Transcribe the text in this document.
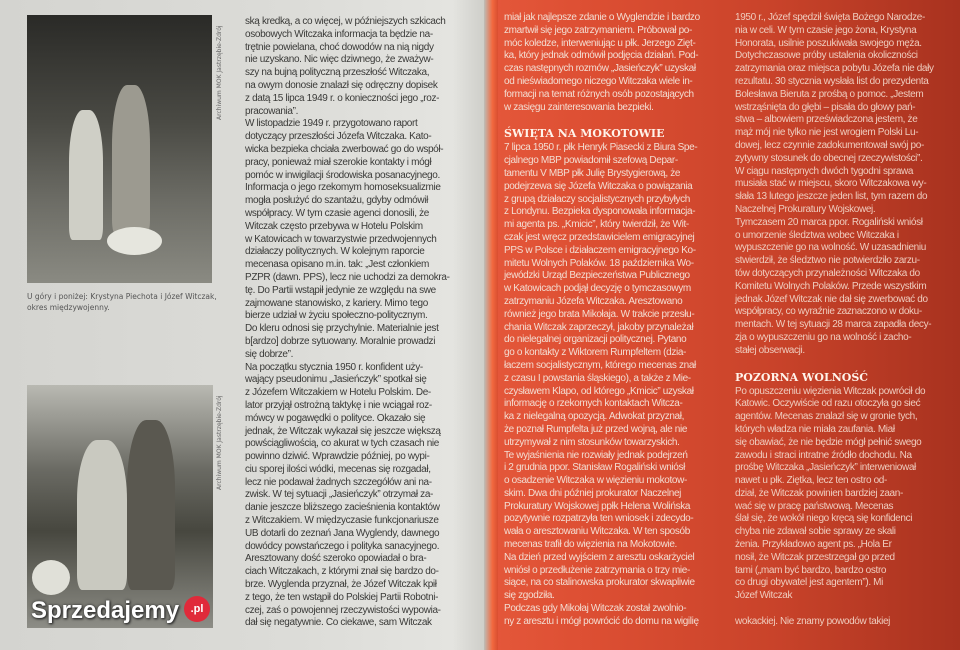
Archiwum MOK Jastrzębie-Zdrój
U góry i poniżej: Krystyna Piechota i Józef Witczak, okres międzywojenny.
Archiwum MOK Jastrzębie-Zdrój
ską kredką, a co więcej, w późniejszych szkicach
osobowych Witczaka informacja ta będzie na-
trętnie powielana, choć dowodów na nią nigdy
nie uzyskano. Nic więc dziwnego, że zważyw-
szy na bujną polityczną przeszłość Witczaka,
na owym donosie znalazł się odręczny dopisek
z datą 15 lipca 1949 r. o konieczności jego „roz-
pracowania”.
W listopadzie 1949 r. przygotowano raport
dotyczący przeszłości Józefa Witczaka. Kato-
wicka bezpieka chciała zwerbować go do współ-
pracy, ponieważ miał szerokie kontakty i mógł
pomóc w inwigilacji środowiska posanacyjnego.
Informacja o jego rzekomym homoseksualizmie
mogła posłużyć do szantażu, gdyby odmówił
współpracy. W tym czasie agenci donosili, że
Witczak często przebywa w Hotelu Polskim
w Katowicach w towarzystwie przedwojennych
działaczy politycznych. W kolejnym raporcie
mecenasa opisano m.in. tak: „Jest członkiem
PZPR (dawn. PPS), lecz nie uchodzi za demokra-
tę. Do Partii wstąpił jedynie ze względu na swe
zajmowane stanowisko, z kariery. Mimo tego
bierze udział w życiu społeczno-politycznym.
Do kleru odnosi się przychylnie. Materialnie jest
b[ardzo] dobrze sytuowany. Moralnie prowadzi
się dobrze”.
Na początku stycznia 1950 r. konfident uży-
wający pseudonimu „Jasieńczyk” spotkał się
z Józefem Witczakiem w Hotelu Polskim. De-
lator przyjął ostrożną taktykę i nie wciągał roz-
mówcy w pogawędki o polityce. Okazało się
jednak, że Witczak wykazał się jeszcze większą
powściągliwością, co akurat w tych czasach nie
powinno dziwić. Wprawdzie później, po wypi-
ciu sporej ilości wódki, mecenas się rozgadał,
lecz nie podawał żadnych szczegółów ani na-
zwisk. W tej sytuacji „Jasieńczyk” otrzymał za-
danie jeszcze bliższego zacieśnienia kontaktów
z Witczakiem. W międzyczasie funkcjonariusze
UB dotarli do zeznań Jana Wyglendy, dawnego
dowódcy powstańczego i polityka sanacyjnego.
Aresztowany dość szeroko opowiadał o bra-
ciach Witczakach, z którymi znał się bardzo do-
brze. Wyglenda przyznał, że Józef Witczak kpił
z tego, że ten wstąpił do Polskiej Partii Robotni-
czej, zaś o powojennej rzeczywistości wypowia-
dał się negatywnie. Co ciekawe, sam Witczak
miał jak najlepsze zdanie o Wyglendzie i bardzo
zmartwił się jego zatrzymaniem. Próbował po-
móc koledze, interweniując u płk. Jerzego Zięt-
ka, który jednak odmówił podjęcia działań. Pod-
czas następnych rozmów „Jasieńczyk” uzyskał
od nieświadomego niczego Witczaka wiele in-
formacji na temat różnych osób pozostających
w zasięgu zainteresowania bezpieki.
ŚWIĘTA NA MOKOTOWIE
7 lipca 1950 r. płk Henryk Piasecki z Biura Spe-
cjalnego MBP powiadomił szefową Depar-
tamentu V MBP płk Julię Brystygierową, że
podejrzewa się Józefa Witczaka o powiązania
z grupą działaczy socjalistycznych przybyłych
z Londynu. Bezpieka dysponowała informacja-
mi agenta ps. „Kmicic”, który twierdził, że Wit-
czak jest wręcz przedstawicielem emigracyjnej
PPS w Polsce i działaczem emigracyjnego Ko-
mitetu Wolnych Polaków. 18 października Wo-
jewódzki Urząd Bezpieczeństwa Publicznego
w Katowicach podjął decyzję o tymczasowym
zatrzymaniu Józefa Witczaka. Aresztowano
również jego brata Mikołaja. W trakcie przesłu-
chania Witczak zaprzeczył, jakoby przynależał
do nielegalnej organizacji politycznej. Pytano
go o kontakty z Wiktorem Rumpfeltem (dzia-
łaczem socjalistycznym, którego mecenas znał
z czasu I powstania śląskiego), a także z Mie-
czysławem Klapo, od którego „Kmicic” uzyskał
informację o rzekomych kontaktach Witcza-
ka z nielegalną opozycją. Adwokat przyznał,
że poznał Rumpfelta już przed wojną, ale nie
utrzymywał z nim stosunków towarzyskich.
Te wyjaśnienia nie rozwiały jednak podejrzeń
i 2 grudnia ppor. Stanisław Rogaliński wniósł
o osadzenie Witczaka w więzieniu mokotow-
skim. Dwa dni później prokurator Naczelnej
Prokuratury Wojskowej ppłk Helena Wolińska
pozytywnie rozpatrzyła ten wniosek i zdecydo-
wała o aresztowaniu Witczaka. W ten sposób
mecenas trafił do więzienia na Mokotowie.
Na dzień przed wyjściem z aresztu oskarżyciel
wniósł o przedłużenie zatrzymania o trzy mie-
siące, na co stalinowska prokurator skwapliwie
się zgodziła.
Podczas gdy Mikołaj Witczak został zwolnio-
ny z aresztu i mógł powrócić do domu na wigilię
1950 r., Józef spędził święta Bożego Narodze-
nia w celi. W tym czasie jego żona, Krystyna
Honorata, usilnie poszukiwała swojego męża.
Dotychczasowe próby ustalenia okoliczności
zatrzymania oraz miejsca pobytu Józefa nie dały
rezultatu. 30 stycznia wysłała list do prezydenta
Bolesława Bieruta z prośbą o pomoc. „Jestem
wstrząśnięta do głębi – pisała do głowy pań-
stwa – albowiem przeświadczona jestem, że
mąż mój nie tylko nie jest wrogiem Polski Lu-
dowej, lecz czynnie zadokumentował swój po-
zytywny stosunek do obecnej rzeczywistości”.
W ciągu następnych dwóch tygodni sprawa
musiała stać w miejscu, skoro Witczakowa wy-
słała 13 lutego jeszcze jeden list, tym razem do
Naczelnej Prokuratury Wojskowej.
Tymczasem 20 marca ppor. Rogaliński wniósł
o umorzenie śledztwa wobec Witczaka i
wypuszczenie go na wolność. W uzasadnieniu
stwierdził, że śledztwo nie potwierdziło zarzu-
tów dotyczących przynależności Witczaka do
Komitetu Wolnych Polaków. Przede wszystkim
jednak Józef Witczak nie dał się zwerbować do
współpracy, co wyraźnie zaznaczono w doku-
mentach. W tej sytuacji 28 marca zapadła decy-
zja o wypuszczeniu go na wolność i zacho-
stałej obserwacji.
POZORNA WOLNOŚĆ
Po opuszczeniu więzienia Witczak powrócił do
Katowic. Oczywiście od razu otoczyła go sieć
agentów. Mecenas znalazł się w gronie tych,
których władza nie miała zaufania. Miał
się obawiać, że nie będzie mógł pełnić swego
zawodu i straci intratne źródło dochodu. Na
prośbę Witczaka „Jasieńczyk” interweniował
nawet u płk. Ziętka, lecz ten ostro od-
dział, że Witczak powinien bardziej zaan-
wać się w pracę państwową. Mecenas
ślał się, że wokół niego kręcą się konfidenci
chyba nie zdawał sobie sprawy ze skali
żenia. Przykładowo agent ps. „Hola Er
nosił, że Witczak przestrzegał go przed
tami („mam być bardzo, bardzo ostro
co drugi obywatel jest agentem”). Mi
Józef Witczak
wokackiej. Nie znamy powodów takiej
Sprzedajemy	.pl
